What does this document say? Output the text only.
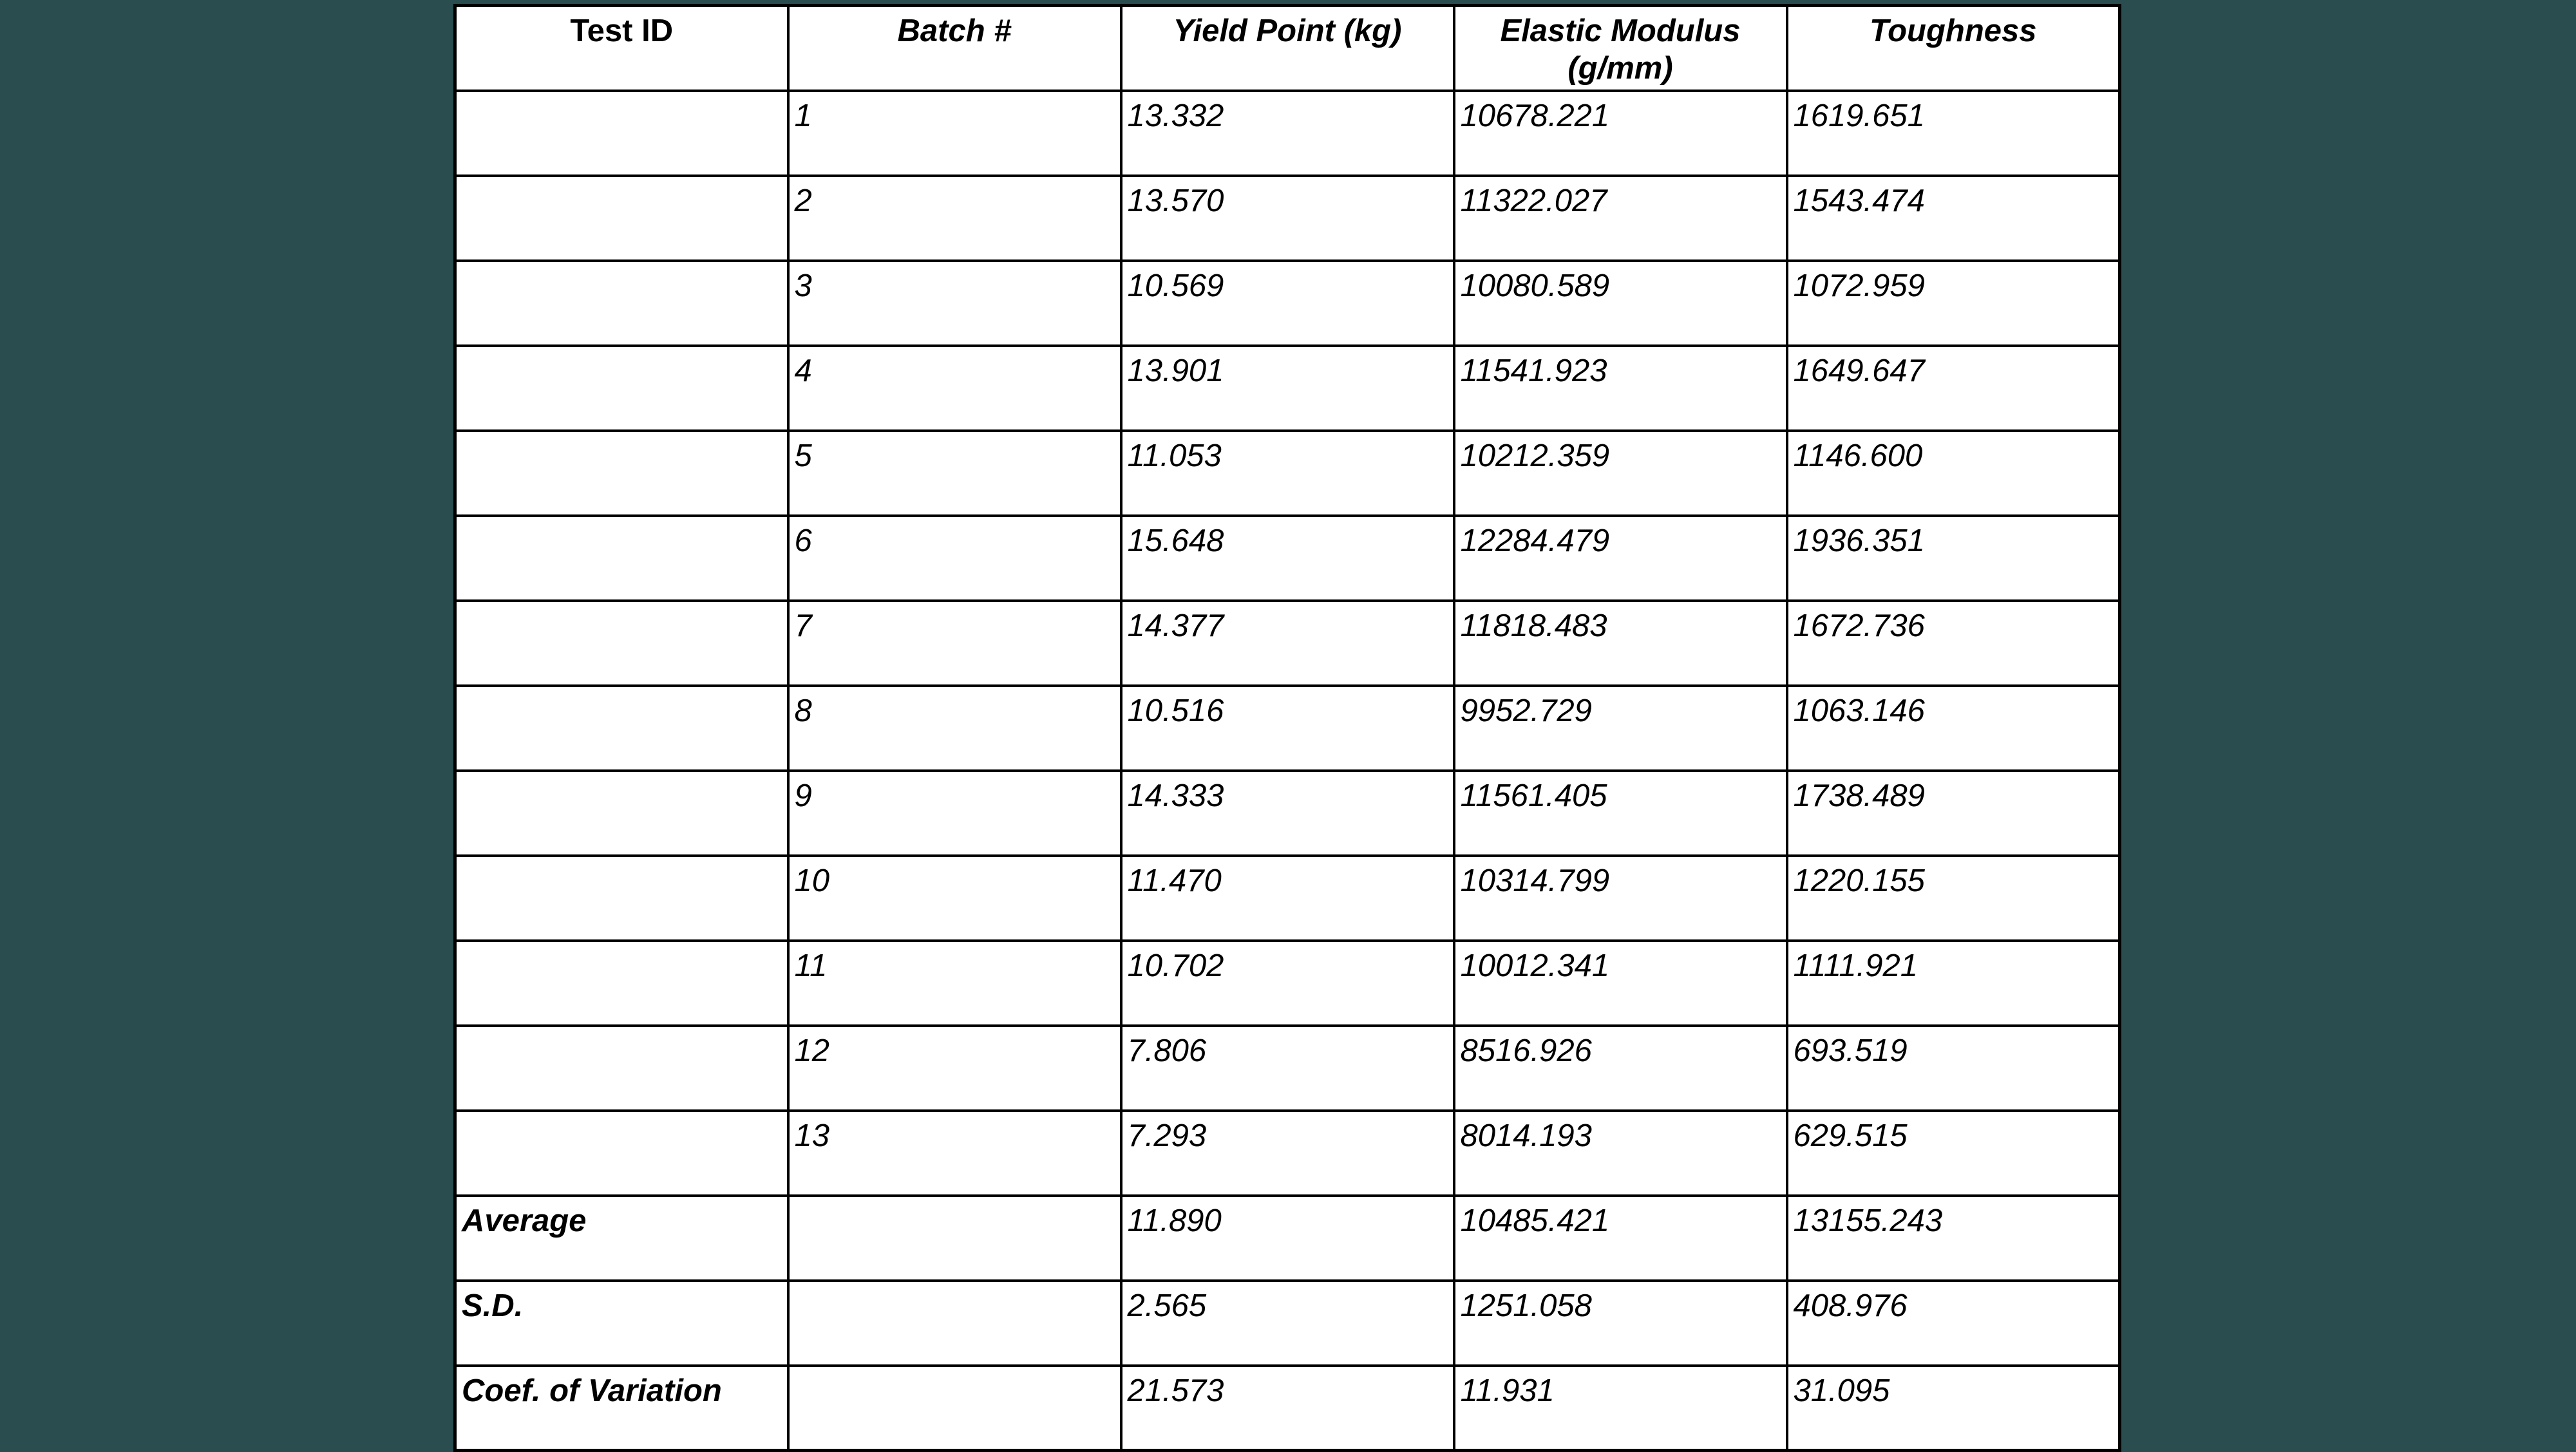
Test ID	Batch #	Yield Point (kg)	Elastic Modulus (g/mm)	Toughness
	1	13.332	10678.221	1619.651
	2	13.570	11322.027	1543.474
	3	10.569	10080.589	1072.959
	4	13.901	11541.923	1649.647
	5	11.053	10212.359	1146.600
	6	15.648	12284.479	1936.351
	7	14.377	11818.483	1672.736
	8	10.516	9952.729	1063.146
	9	14.333	11561.405	1738.489
	10	11.470	10314.799	1220.155
	11	10.702	10012.341	1111.921
	12	7.806	8516.926	693.519
	13	7.293	8014.193	629.515
Average		11.890	10485.421	13155.243
S.D.		2.565	1251.058	408.976
Coef. of Variation		21.573	11.931	31.095
